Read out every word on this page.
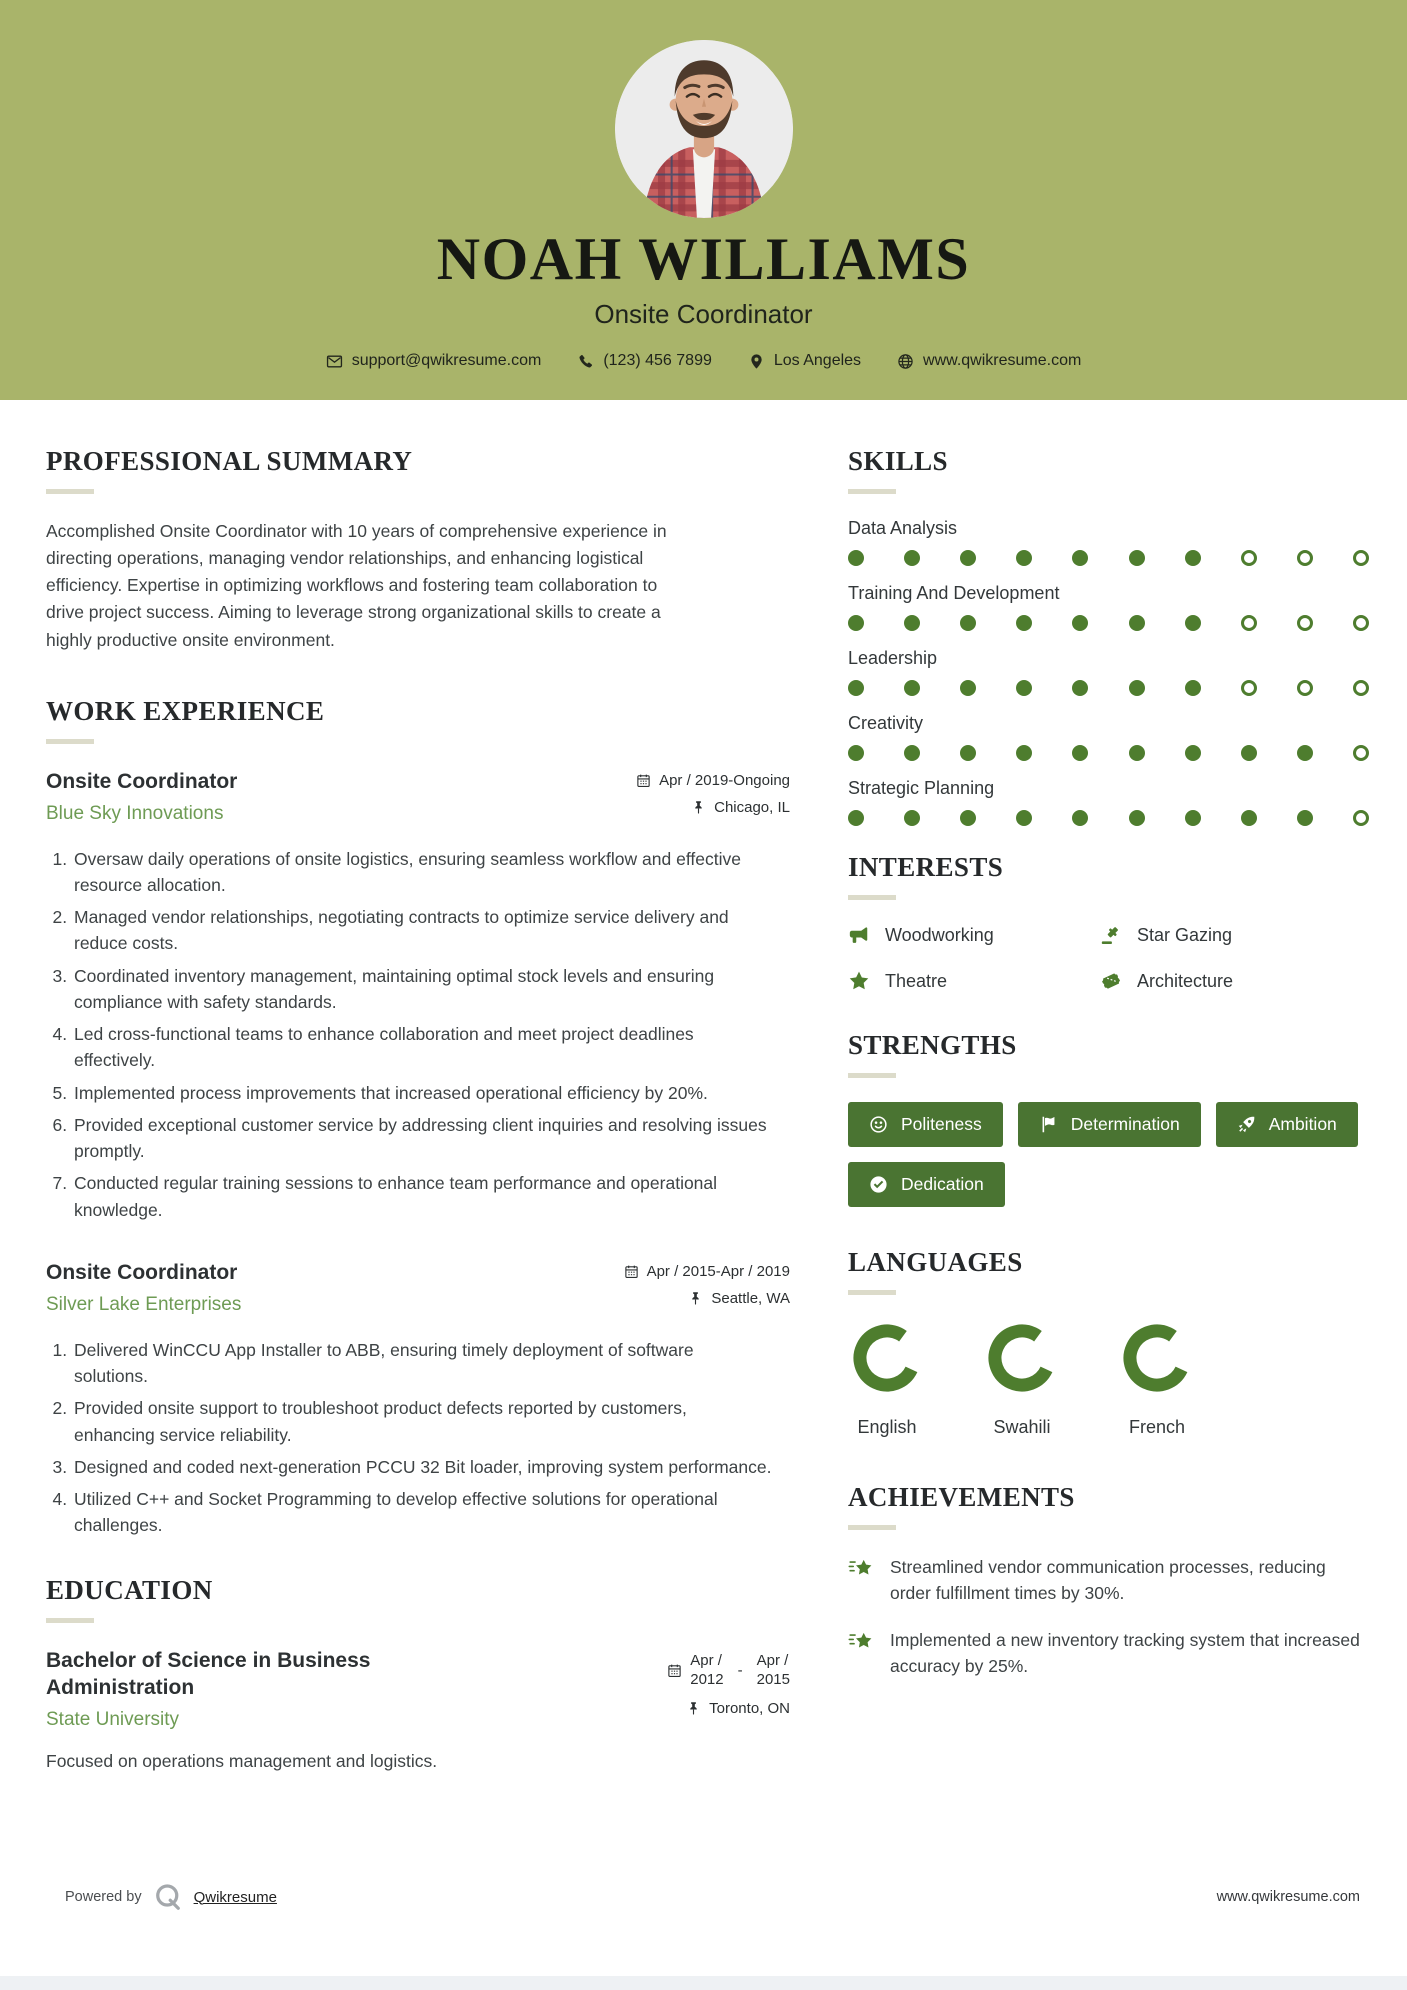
NOAH WILLIAMS
Onsite Coordinator
support@qwikresume.com	(123) 456 7899	Los Angeles	www.qwikresume.com
PROFESSIONAL SUMMARY

Accomplished Onsite Coordinator with 10 years of comprehensive experience in directing operations, managing vendor relationships, and enhancing logistical efficiency. Expertise in optimizing workflows and fostering team collaboration to drive project success. Aiming to leverage strong organizational skills to create a highly productive onsite environment.

WORK EXPERIENCE
Onsite Coordinator
Blue Sky Innovations
Apr / 2019-Ongoing
Chicago, IL
1. Oversaw daily operations of onsite logistics, ensuring seamless workflow and effective resource allocation.
2. Managed vendor relationships, negotiating contracts to optimize service delivery and reduce costs.
3. Coordinated inventory management, maintaining optimal stock levels and ensuring compliance with safety standards.
4. Led cross-functional teams to enhance collaboration and meet project deadlines effectively.
5. Implemented process improvements that increased operational efficiency by 20%.
6. Provided exceptional customer service by addressing client inquiries and resolving issues promptly.
7. Conducted regular training sessions to enhance team performance and operational knowledge.
Onsite Coordinator
Silver Lake Enterprises
Apr / 2015-Apr / 2019
Seattle, WA
1. Delivered WinCCU App Installer to ABB, ensuring timely deployment of software solutions.
2. Provided onsite support to troubleshoot product defects reported by customers, enhancing service reliability.
3. Designed and coded next-generation PCCU 32 Bit loader, improving system performance.
4. Utilized C++ and Socket Programming to develop effective solutions for operational challenges.
EDUCATION
Bachelor of Science in Business Administration
State University
Apr /
2012
-
Apr /
2015
Toronto, ON

Focused on operations management and logistics.

SKILLS
Data Analysis
Training And Development
Leadership
Creativity
Strategic Planning
INTERESTS
Woodworking	Star Gazing
Theatre	Architecture
STRENGTHS
Politeness	Determination	Ambition
Dedication
LANGUAGES
English	Swahili	French
ACHIEVEMENTS

Streamlined vendor communication processes, reducing order fulfillment times by 30%.

Implemented a new inventory tracking system that increased accuracy by 25%.

Powered by	Qwikresume	www.qwikresume.com
